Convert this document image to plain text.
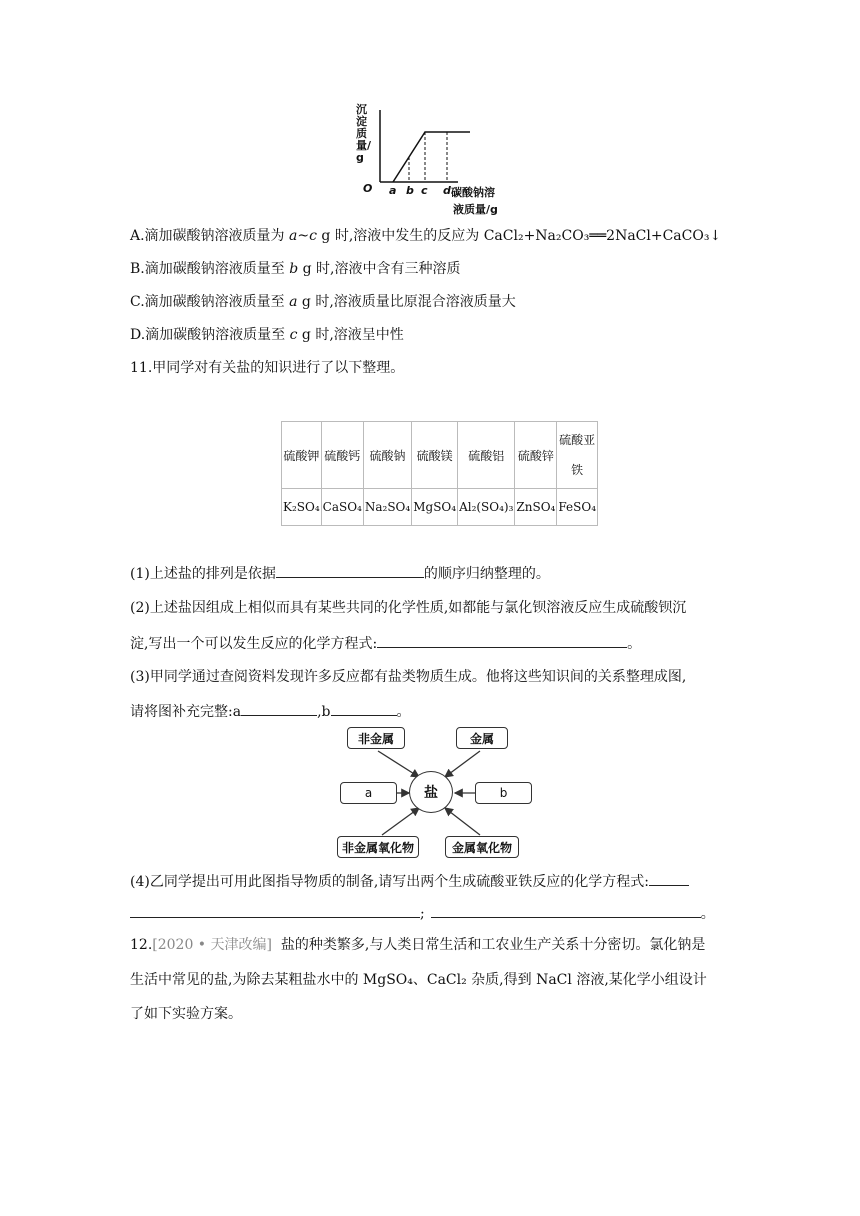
沉淀质量/g
O a b c d 碳酸钠溶
液质量/g
A.滴加碳酸钠溶液质量为 a~c g 时,溶液中发生的反应为 CaCl₂+Na₂CO₃══2NaCl+CaCO₃↓
B.滴加碳酸钠溶液质量至 b g 时,溶液中含有三种溶质
C.滴加碳酸钠溶液质量至 a g 时,溶液质量比原混合溶液质量大
D.滴加碳酸钠溶液质量至 c g 时,溶液呈中性
11.甲同学对有关盐的知识进行了以下整理。
硫酸钾	硫酸钙	硫酸钠	硫酸镁	硫酸铝	硫酸锌	硫酸亚铁
K₂SO₄	CaSO₄	Na₂SO₄	MgSO₄	Al₂(SO₄)₃	ZnSO₄	FeSO₄
(1)上述盐的排列是依据	的顺序归纳整理的。
(2)上述盐因组成上相似而具有某些共同的化学性质,如都能与氯化钡溶液反应生成硫酸钡沉
淀,写出一个可以发生反应的化学方程式:	。
(3)甲同学通过查阅资料发现许多反应都有盐类物质生成。他将这些知识间的关系整理成图,
请将图补充完整:a	,b	。
非金属	金属
a	盐	b
非金属氧化物	金属氧化物
(4)乙同学提出可用此图指导物质的制备,请写出两个生成硫酸亚铁反应的化学方程式:
;	。
12.[2020 • 天津改编]  盐的种类繁多,与人类日常生活和工农业生产关系十分密切。氯化钠是
生活中常见的盐,为除去某粗盐水中的 MgSO₄、CaCl₂ 杂质,得到 NaCl 溶液,某化学小组设计
了如下实验方案。
